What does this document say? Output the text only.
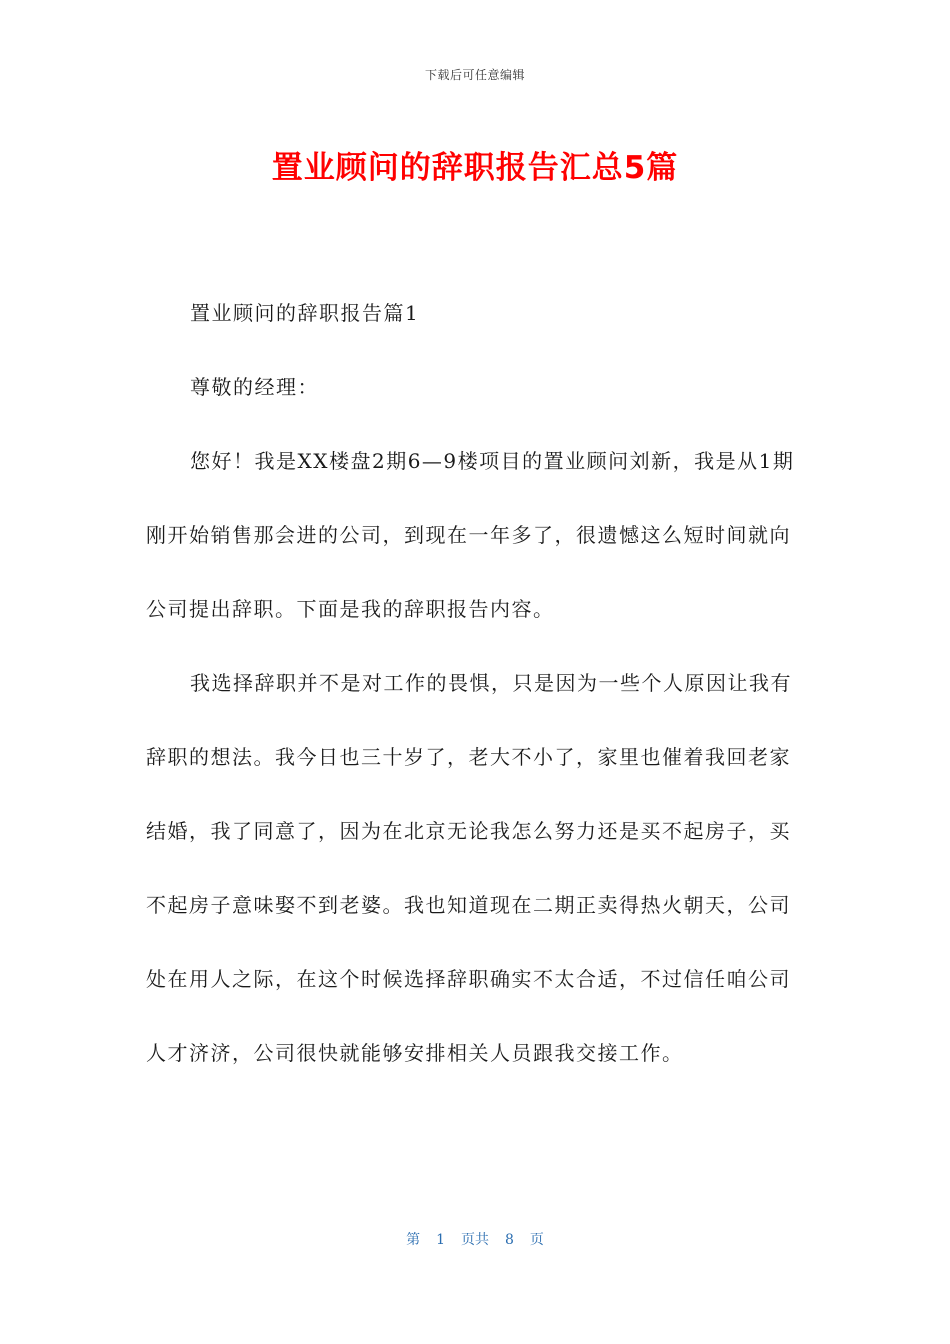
下载后可任意编辑
置业顾问的辞职报告汇总5篇

置业顾问的辞职报告篇1

尊敬的经理：

您好！我是XX楼盘2期6—9楼项目的置业顾问刘新，我是从1期刚开始销售那会进的公司，到现在一年多了，很遗憾这么短时间就向公司提出辞职。下面是我的辞职报告内容。

我选择辞职并不是对工作的畏惧，只是因为一些个人原因让我有辞职的想法。我今日也三十岁了，老大不小了，家里也催着我回老家结婚，我了同意了，因为在北京无论我怎么努力还是买不起房子，买不起房子意味娶不到老婆。我也知道现在二期正卖得热火朝天，公司处在用人之际，在这个时候选择辞职确实不太合适，不过信任咱公司人才济济，公司很快就能够安排相关人员跟我交接工作。

第 1 页共 8 页
